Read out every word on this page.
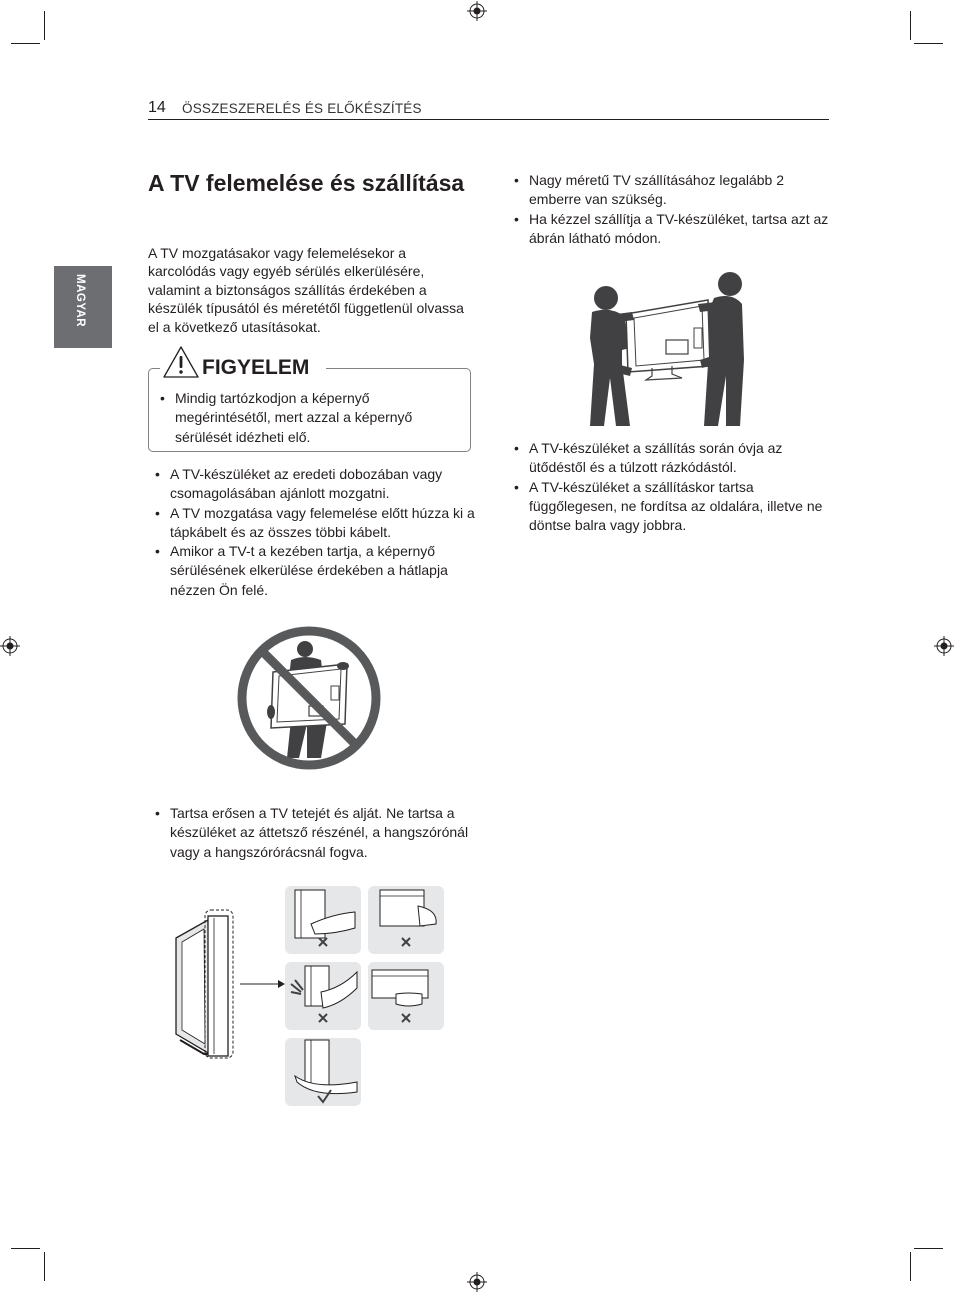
14 ÖSSZESZERELÉS ÉS ELŐKÉSZÍTÉS
MAGYAR
A TV felemelése és szállítása
A TV mozgatásakor vagy felemelésekor a karcolódás vagy egyéb sérülés elkerülésére, valamint a biztonságos szállítás érdekében a készülék típusától és méretétől függetlenül olvassa el a következő utasításokat.
FIGYELEM
• Mindig tartózkodjon a képernyő megérintésétől, mert azzal a képernyő sérülését idézheti elő.
• A TV-készüléket az eredeti dobozában vagy csomagolásában ajánlott mozgatni.
• A TV mozgatása vagy felemelése előtt húzza ki a tápkábelt és az összes többi kábelt.
• Amikor a TV-t a kezében tartja, a képernyő sérülésének elkerülése érdekében a hátlapja nézzen Ön felé.
• Tartsa erősen a TV tetejét és alját. Ne tartsa a készüléket az áttetsző részénél, a hangszórónál vagy a hangszórórácsnál fogva.
• Nagy méretű TV szállításához legalább 2 emberre van szükség.
• Ha kézzel szállítja a TV-készüléket, tartsa azt az ábrán látható módon.
• A TV-készüléket a szállítás során óvja az ütődéstől és a túlzott rázkódástól.
• A TV-készüléket a szállításkor tartsa függőlegesen, ne fordítsa az oldalára, illetve ne döntse balra vagy jobbra.
